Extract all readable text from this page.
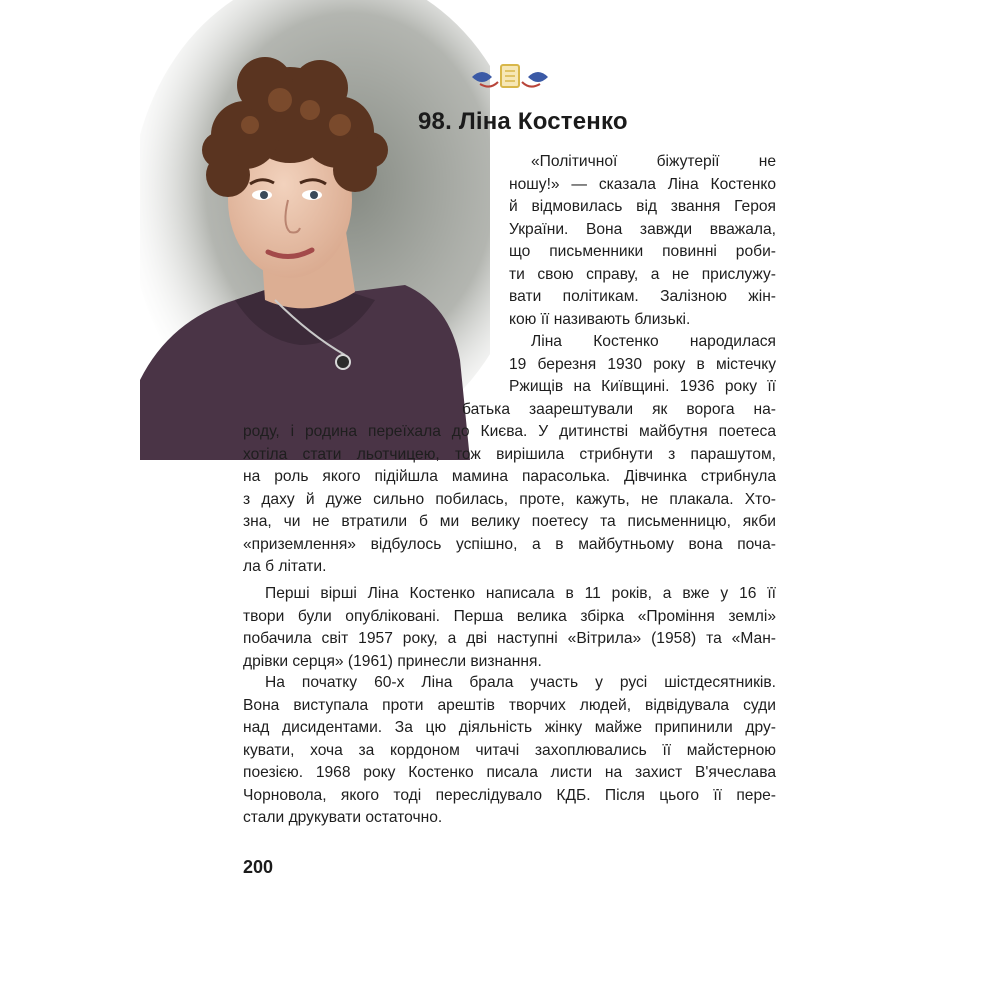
98. Ліна Костенко
«Політичної біжутерії не
ношу!» — сказала Ліна Костенко
й відмовилась від звання Героя
України. Вона завжди вважала,
що письменники повинні роби-
ти свою справу, а не прислужу-
вати політикам. Залізною жін-
кою її називають близькі.
Ліна Костенко народилася
19 березня 1930 року в містечку
Ржищів на Київщині. 1936 року її
батька заарештували як ворога на-
роду, і родина переїхала до Києва. У дитинстві майбутня поетеса
хотіла стати льотчицею, тож вирішила стрибнути з парашутом,
на роль якого підійшла мамина парасолька. Дівчинка стрибнула
з даху й дуже сильно побилась, проте, кажуть, не плакала. Хто-
зна, чи не втратили б ми велику поетесу та письменницю, якби
«приземлення» відбулось успішно, а в майбутньому вона поча-
ла б літати.
Перші вірші Ліна Костенко написала в 11 років, а вже у 16 її
твори були опубліковані. Перша велика збірка «Проміння землі»
побачила світ 1957 року, а дві наступні «Вітрила» (1958) та «Ман-
дрівки серця» (1961) принесли визнання.
На початку 60-х Ліна брала участь у русі шістдесятників.
Вона виступала проти арештів творчих людей, відвідувала суди
над дисидентами. За цю діяльність жінку майже припинили дру-
кувати, хоча за кордоном читачі захоплювались її майстерною
поезією. 1968 року Костенко писала листи на захист В'ячеслава
Чорновола, якого тоді переслідувало КДБ. Після цього її пере-
стали друкувати остаточно.

200
